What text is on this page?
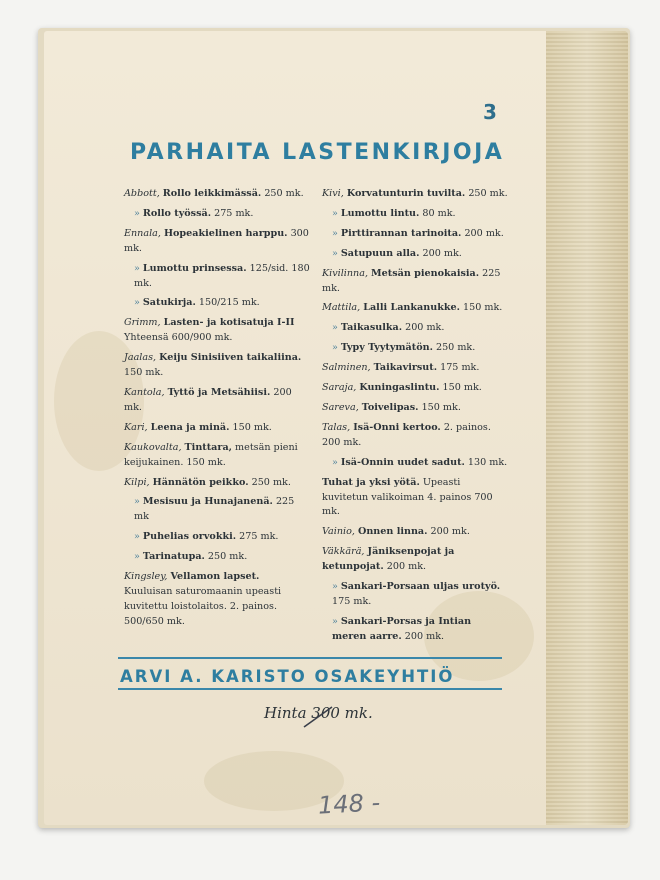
3
PARHAITA LASTENKIRJOJA
Abbott, Rollo leikkimässä. 250 mk.
» Rollo työssä. 275 mk.
Ennala, Hopeakielinen harppu. 300 mk.
» Lumottu prinsessa. 125/sid. 180 mk.
» Satukirja. 150/215 mk.
Grimm, Lasten- ja kotisatuja I-II Yhteensä 600/900 mk.
Jaalas, Keiju Sinisiiven taikaliina. 150 mk.
Kantola, Tyttö ja Metsähiisi. 200 mk.
Kari, Leena ja minä. 150 mk.
Kaukovalta, Tinttara, metsän pieni keijukainen. 150 mk.
Kilpi, Hännätön peikko. 250 mk.
» Mesisuu ja Hunajanenä. 225 mk
» Puhelias orvokki. 275 mk.
» Tarinatupa. 250 mk.
Kingsley, Vellamon lapset. Kuuluisan saturomaanin upeasti kuvitettu loistolaitos. 2. painos. 500/650 mk.
Kivi, Korvatunturin tuvilta. 250 mk.
» Lumottu lintu. 80 mk.
» Pirttirannan tarinoita. 200 mk.
» Satupuun alla. 200 mk.
Kivilinna, Metsän pienokaisia. 225 mk.
Mattila, Lalli Lankanukke. 150 mk.
» Taikasulka. 200 mk.
» Typy Tyytymätön. 250 mk.
Salminen, Taikavirsut. 175 mk.
Saraja, Kuningaslintu. 150 mk.
Sareva, Toivelipas. 150 mk.
Talas, Isä-Onni kertoo. 2. painos. 200 mk.
» Isä-Onnin uudet sadut. 130 mk.
Tuhat ja yksi yötä. Upeasti kuvitetun valikoiman 4. painos 700 mk.
Vainio, Onnen linna. 200 mk.
Väkkärä, Jäniksenpojat ja ketunpojat. 200 mk.
» Sankari-Porsaan uljas urotyö. 175 mk.
» Sankari-Porsas ja Intian meren aarre. 200 mk.
ARVI A. KARISTO OSAKEYHTIÖ
Hinta 300 mk.
148 -
